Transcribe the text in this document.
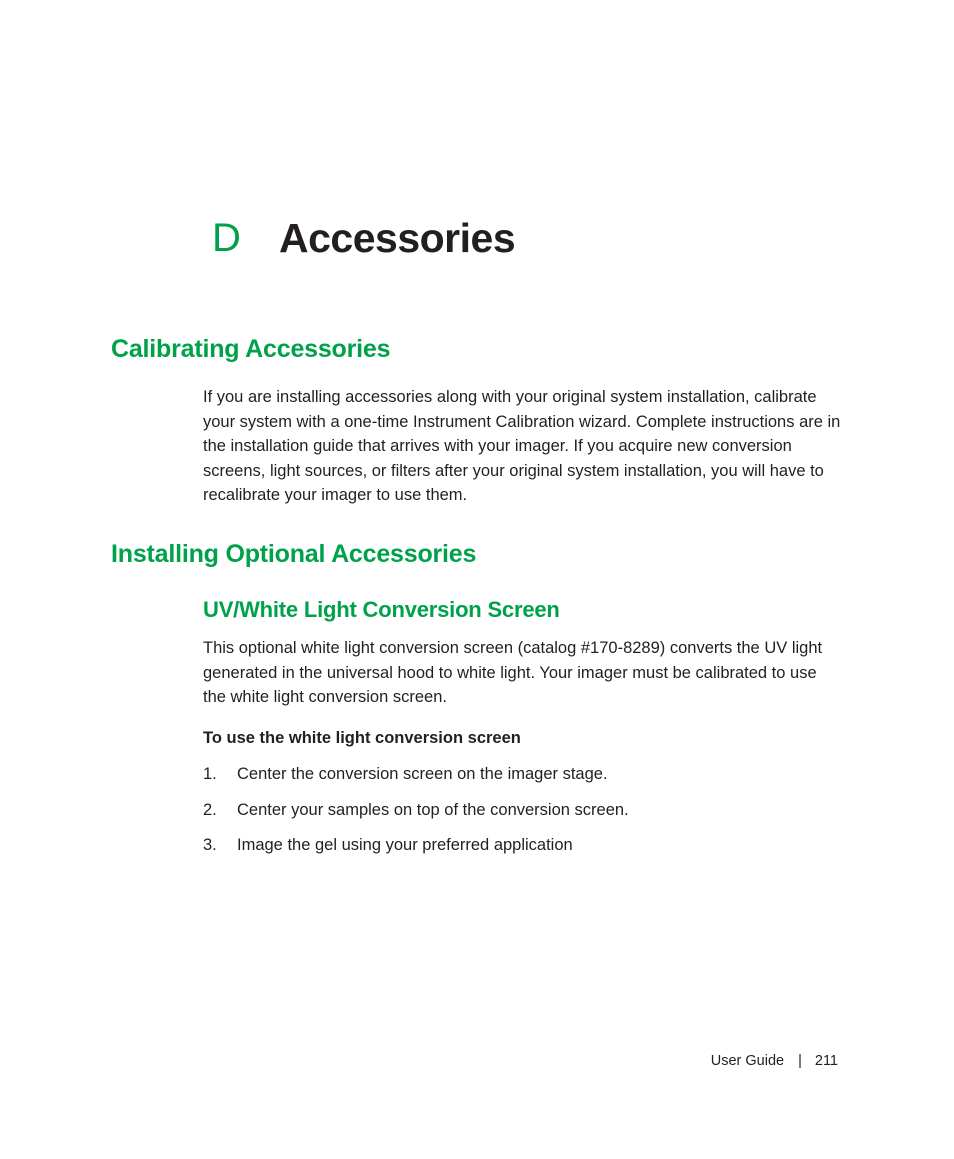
D Accessories
Calibrating Accessories

If you are installing accessories along with your original system installation, calibrate your system with a one-time Instrument Calibration wizard. Complete instructions are in the installation guide that arrives with your imager. If you acquire new conversion screens, light sources, or filters after your original system installation, you will have to recalibrate your imager to use them.

Installing Optional Accessories
UV/White Light Conversion Screen

This optional white light conversion screen (catalog #170-8289) converts the UV light generated in the universal hood to white light. Your imager must be calibrated to use the white light conversion screen.

To use the white light conversion screen

1.	Center the conversion screen on the imager stage.
2.	Center your samples on top of the conversion screen.
3.	Image the gel using your preferred application
User Guide | 211
